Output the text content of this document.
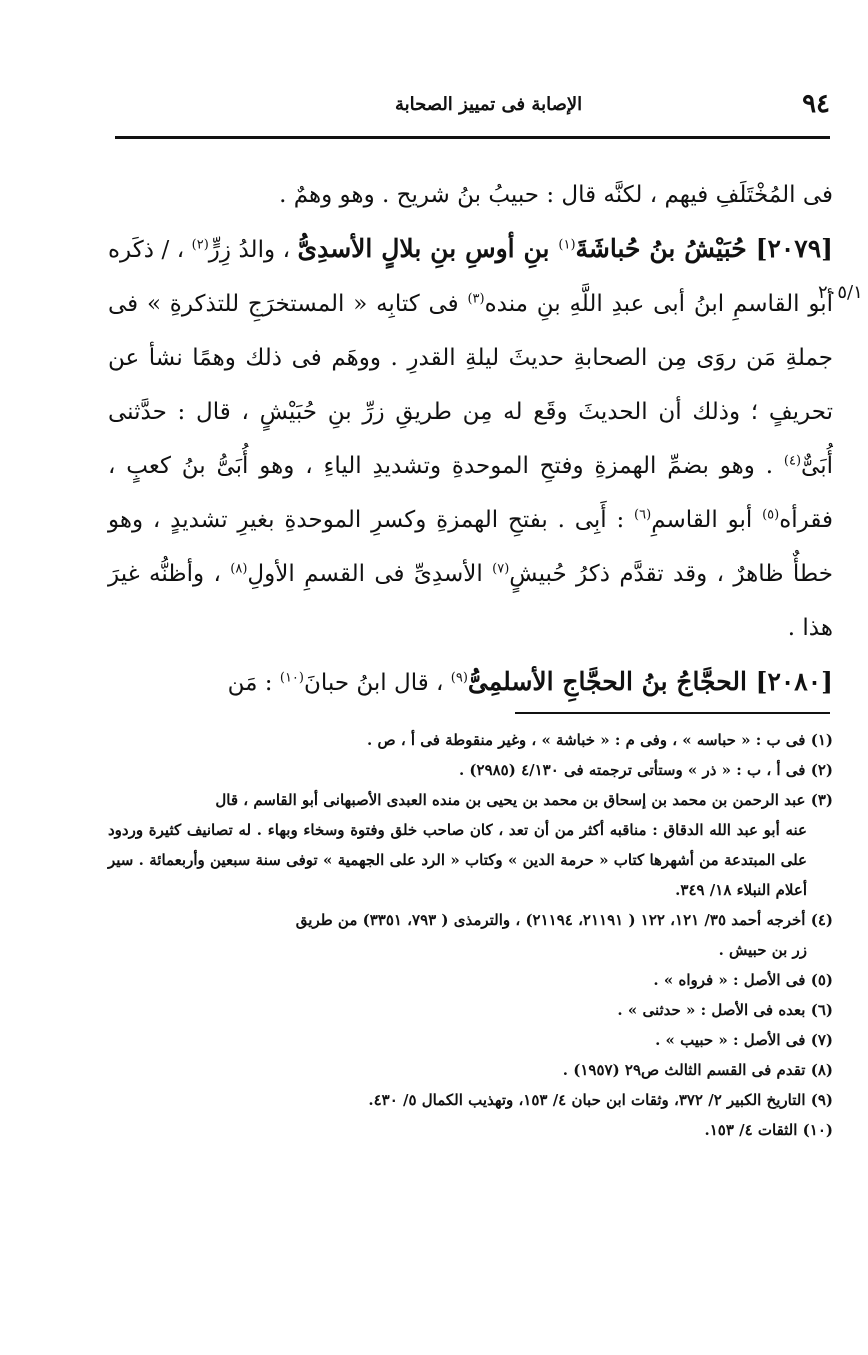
٩٤
الإصابة فى تمييز الصحابة
٢٠٥/١

فى المُخْتَلَفِ فيهم ، لكنَّه قال : حبيبُ بنُ شريح . وهو وهمٌ .

[٢٠٧٩] حُبَيْشُ بنُ حُباشَةَ$^{(١)}$ بنِ أوسِ بنِ بلالٍ الأسدِىُّ ، والدُ زِرٍّ$^{(٢)}$ ، / ذكَره أبو القاسمِ ابنُ أبى عبدِ اللَّهِ بنِ منده$^{(٣)}$ فى كتابِه « المستخرَجِ للتذكرةِ » فى جملةِ مَن روَى مِن الصحابةِ حديثَ ليلةِ القدرِ . ووهَم فى ذلك وهمًا نشأ عن تحريفٍ ؛ وذلك أن الحديثَ وقَع له مِن طريقِ زرِّ بنِ حُبَيْشٍ ، قال : حدَّثنى أُبَىٌّ$^{(٤)}$ . وهو بضمِّ الهمزةِ وفتحِ الموحدةِ وتشديدِ الياءِ ، وهو أُبَىُّ بنُ كعبٍ ، فقرأه$^{(٥)}$ أبو القاسمِ$^{(٦)}$ : أَبِى . بفتحِ الهمزةِ وكسرِ الموحدةِ بغيرِ تشديدٍ ، وهو خطأٌ ظاهرٌ ، وقد تقدَّم ذكرُ حُبيشٍ$^{(٧)}$ الأسدِىِّ فى القسمِ الأولِ$^{(٨)}$ ، وأظنُّه غيرَ هذا .

[٢٠٨٠] الحجَّاجُ بنُ الحجَّاجِ الأسلمِىُّ$^{(٩)}$ ، قال ابنُ حبانَ$^{(١٠)}$ : مَن

(١) فى ب : « حباسه » ، وفى م : « خباشة » ، وغير منقوطة فى أ ، ص .

(٢) فى أ ، ب : « ذر » وستأتى ترجمته فى ٤/١٣٠ (٢٩٨٥) .

(٣) عبد الرحمن بن محمد بن إسحاق بن محمد بن يحيى بن منده العبدى الأصبهانى أبو القاسم ، قال
عنه أبو عبد الله الدقاق : مناقبه أكثر من أن تعد ، كان صاحب خلق وفتوة وسخاء وبهاء . له تصانيف كثيرة وردود على المبتدعة من أشهرها كتاب « حرمة الدين » وكتاب « الرد على الجهمية » توفى سنة سبعين وأربعمائة . سير أعلام النبلاء ١٨/ ٣٤٩.

(٤) أخرجه أحمد ٣٥/ ١٢١، ١٢٢ ( ٢١١٩١، ٢١١٩٤) ، والترمذى ( ٧٩٣، ٣٣٥١) من طريق
زر بن حبيش .

(٥) فى الأصل : « فرواه » .

(٦) بعده فى الأصل : « حدثنى » .

(٧) فى الأصل : « حبيب » .

(٨) تقدم فى القسم الثالث ص٢٩ (١٩٥٧) .

(٩) التاريخ الكبير ٢/ ٣٧٢، وثقات ابن حبان ٤/ ١٥٣، وتهذيب الكمال ٥/ ٤٣٠.

(١٠) الثقات ٤/ ١٥٣.
